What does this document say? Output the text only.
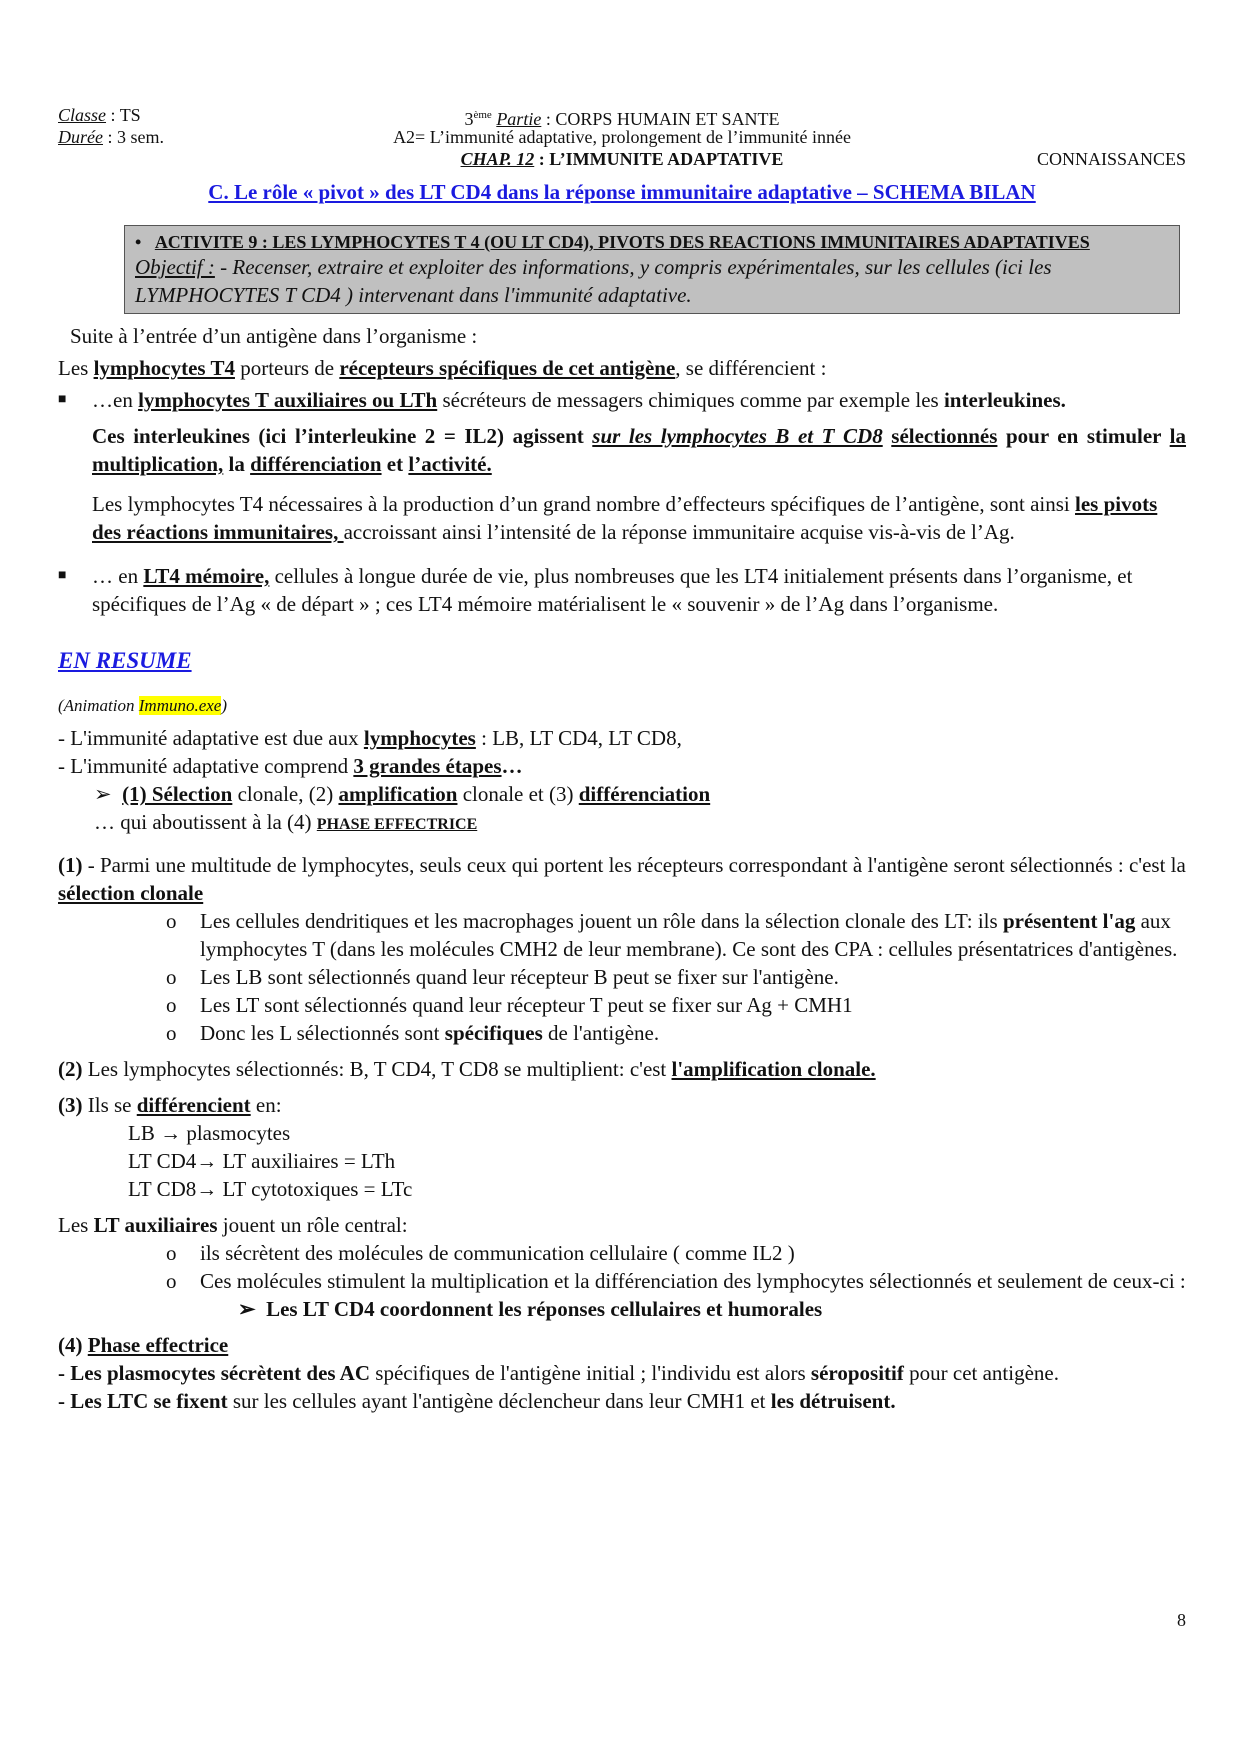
Classe : TS
Durée : 3 sem.
3ème Partie : CORPS HUMAIN ET SANTE
A2= L’immunité adaptative, prolongement de l’immunité innée
CHAP. 12 : L’IMMUNITE ADAPTATIVE	CONNAISSANCES
C. Le rôle « pivot » des LT CD4 dans la réponse immunitaire adaptative – SCHEMA BILAN
• ACTIVITE 9 : LES LYMPHOCYTES T 4 (OU LT CD4), PIVOTS DES REACTIONS IMMUNITAIRES ADAPTATIVES
Objectif : - Recenser, extraire et exploiter des informations, y compris expérimentales, sur les cellules (ici les LYMPHOCYTES T CD4 ) intervenant dans l'immunité adaptative.
Suite à l’entrée d’un antigène dans l’organisme :
Les lymphocytes T4 porteurs de récepteurs spécifiques de cet antigène, se différencient :
■	…en lymphocytes T auxiliaires ou LTh sécréteurs de messagers chimiques comme par exemple les interleukines.
Ces interleukines (ici l’interleukine 2 = IL2) agissent sur les lymphocytes B et T CD8 sélectionnés pour en stimuler la multiplication, la différenciation et l’activité.
Les lymphocytes T4 nécessaires à la production d’un grand nombre d’effecteurs spécifiques de l’antigène, sont ainsi les pivots des réactions immunitaires, accroissant ainsi l’intensité de la réponse immunitaire acquise vis-à-vis de l’Ag.
■	… en LT4 mémoire, cellules à longue durée de vie, plus nombreuses que les LT4 initialement présents dans l’organisme, et spécifiques de l’Ag « de départ » ; ces LT4 mémoire matérialisent le « souvenir » de l’Ag dans l’organisme.
EN RESUME
(Animation Immuno.exe)
- L'immunité adaptative est due aux lymphocytes : LB, LT CD4, LT CD8,
- L'immunité adaptative comprend 3 grandes étapes…
➢ (1) Sélection clonale, (2) amplification clonale et (3) différenciation
… qui aboutissent à la (4) PHASE EFFECTRICE
(1) - Parmi une multitude de lymphocytes, seuls ceux qui portent les récepteurs correspondant à l'antigène seront sélectionnés : c'est la sélection clonale
o	Les cellules dendritiques et les macrophages jouent un rôle dans la sélection clonale des LT: ils présentent l'ag aux lymphocytes T (dans les molécules CMH2 de leur membrane). Ce sont des CPA : cellules présentatrices d'antigènes.
o	Les LB sont sélectionnés quand leur récepteur B peut se fixer sur l'antigène.
o	Les LT sont sélectionnés quand leur récepteur T peut se fixer sur Ag + CMH1
o	Donc les L sélectionnés sont spécifiques de l'antigène.
(2) Les lymphocytes sélectionnés: B, T CD4, T CD8 se multiplient: c'est l'amplification clonale.
(3) Ils se différencient en:
LB → plasmocytes
LT CD4→ LT auxiliaires = LTh
LT CD8→ LT cytotoxiques = LTc
Les LT auxiliaires jouent un rôle central:
o	ils sécrètent des molécules de communication cellulaire ( comme IL2 )
o	Ces molécules stimulent la multiplication et la différenciation des lymphocytes sélectionnés et seulement de ceux-ci :
➢ Les LT CD4 coordonnent les réponses cellulaires et humorales
(4) Phase effectrice
- Les plasmocytes sécrètent des AC spécifiques de l'antigène initial ; l'individu est alors séropositif pour cet antigène.
- Les LTC se fixent sur les cellules ayant l'antigène déclencheur dans leur CMH1 et les détruisent.
8
